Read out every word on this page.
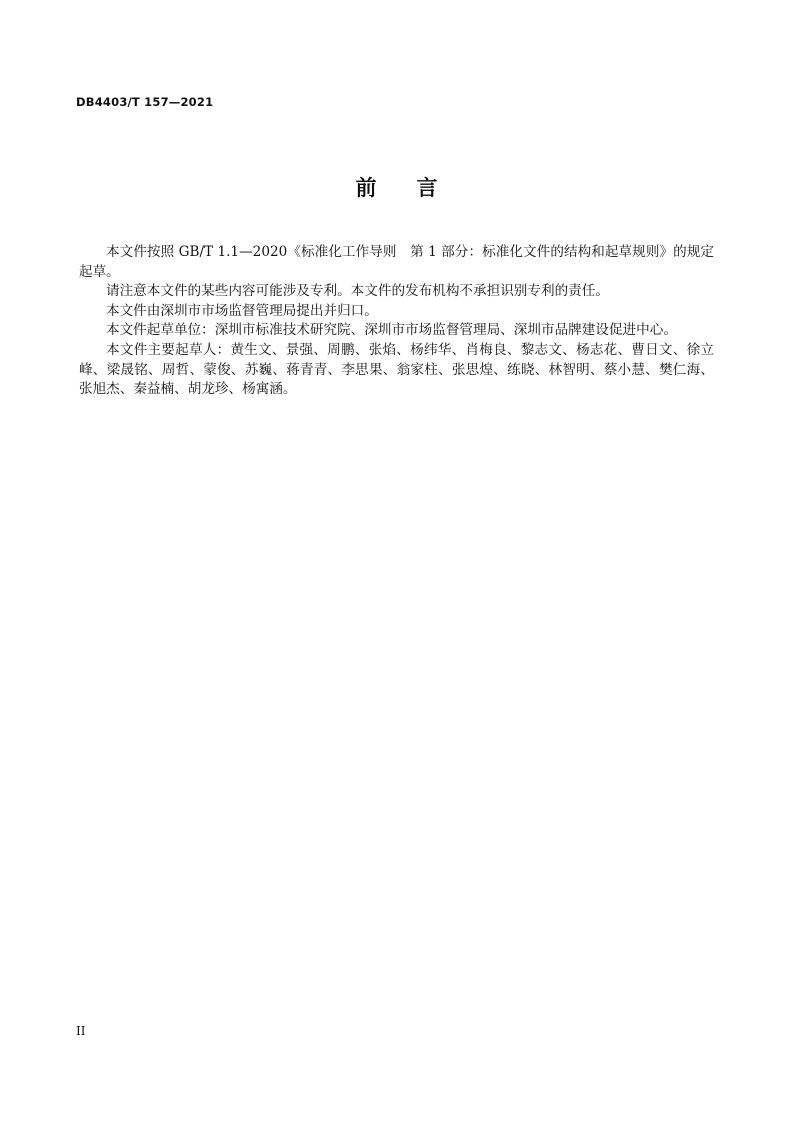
DB4403/T 157—2021
前 言

本文件按照 GB/T 1.1—2020《标准化工作导则　第 1 部分：标准化文件的结构和起草规则》的规定起草。

请注意本文件的某些内容可能涉及专利。本文件的发布机构不承担识别专利的责任。

本文件由深圳市市场监督管理局提出并归口。

本文件起草单位：深圳市标准技术研究院、深圳市市场监督管理局、深圳市品牌建设促进中心。

本文件主要起草人：黄生文、景强、周鹏、张焰、杨纬华、肖梅良、黎志文、杨志花、曹日文、徐立峰、梁晟铭、周哲、蒙俊、苏巍、蒋青青、李思果、翁家柱、张思煌、练晓、林智明、蔡小慧、樊仁海、张旭杰、秦益楠、胡龙珍、杨寓涵。

II
